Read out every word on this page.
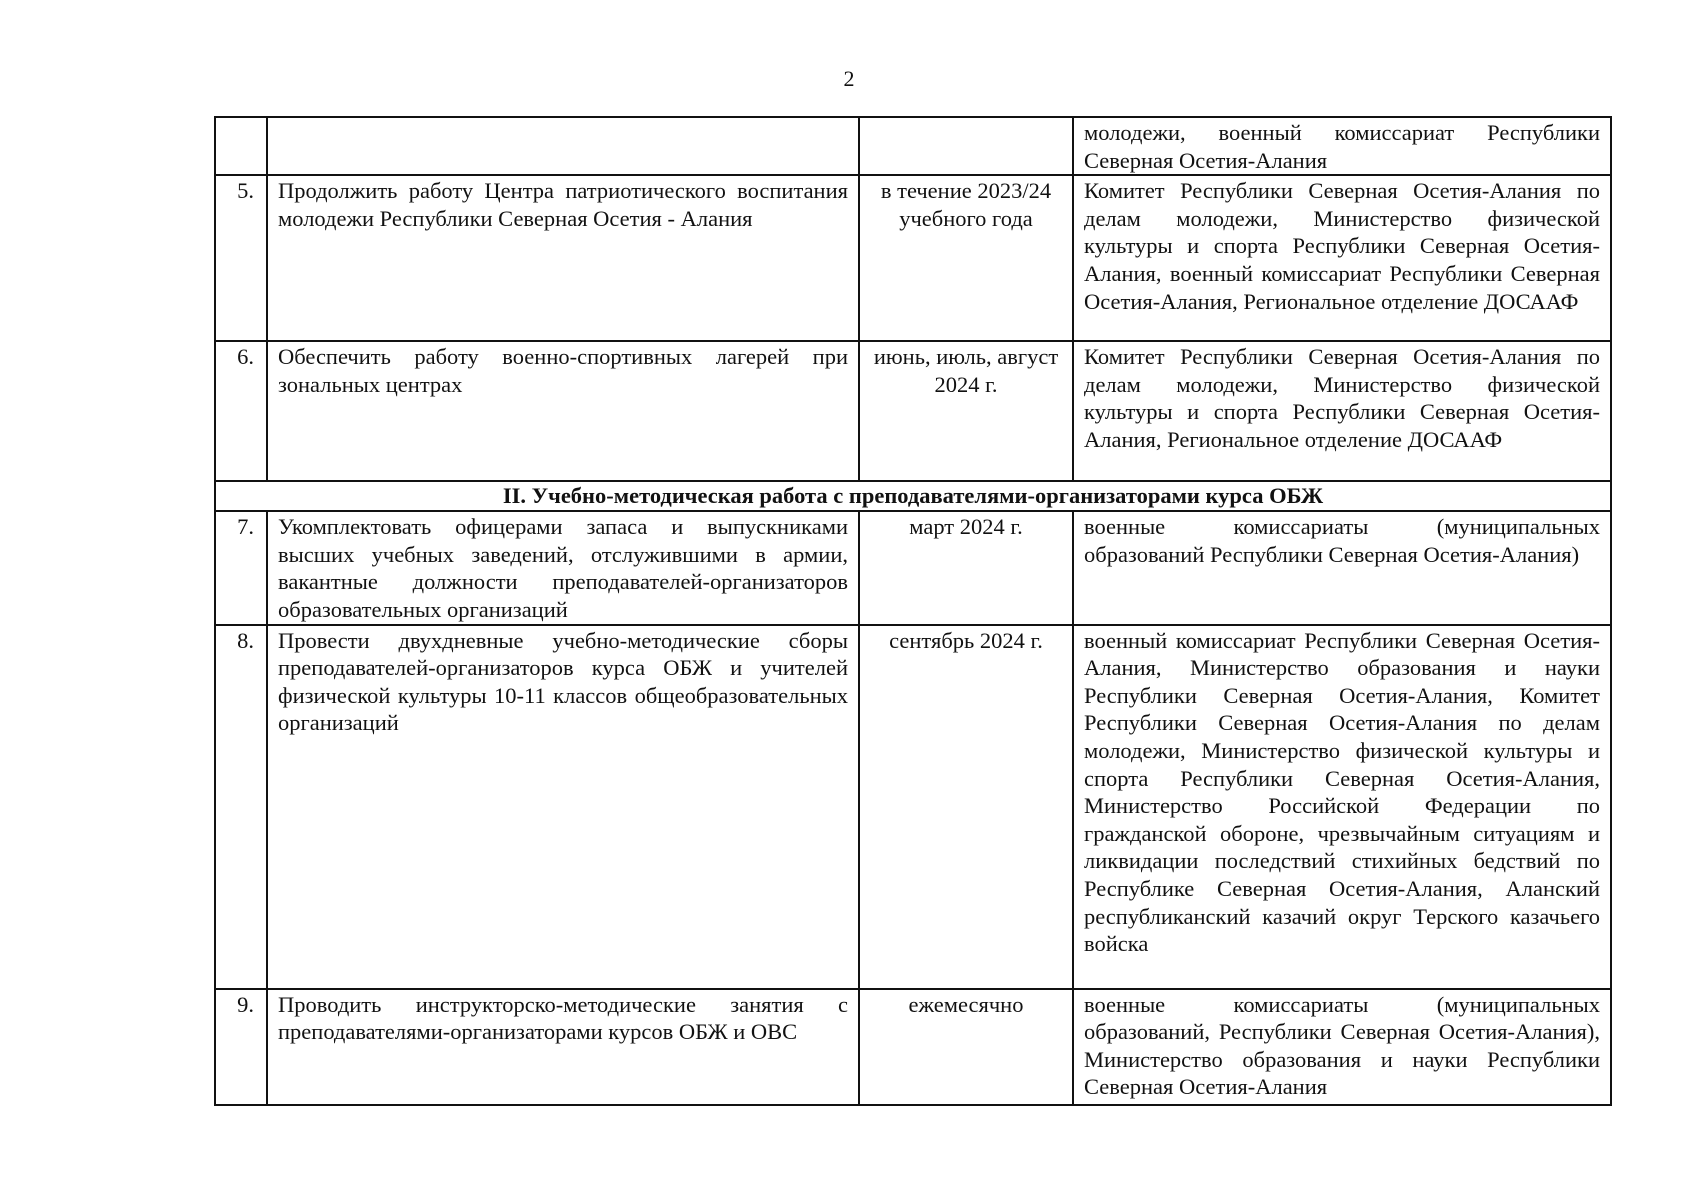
2
			молодежи, военный комиссариат Республики Северная Осетия-Алания
5.	Продолжить работу Центра патриотического воспитания молодежи Республики Северная Осетия - Алания	в течение 2023/24 учебного года	Комитет Республики Северная Осетия-Алания по делам молодежи, Министерство физической культуры и спорта Республики Северная Осетия-Алания, военный комиссариат Республики Северная Осетия-Алания, Региональное отделение ДОСААФ
6.	Обеспечить работу военно-спортивных лагерей при зональных центрах	июнь, июль, август 2024 г.	Комитет Республики Северная Осетия-Алания по делам молодежи, Министерство физической культуры и спорта Республики Северная Осетия-Алания, Региональное отделение ДОСААФ
II. Учебно-методическая работа с преподавателями-организаторами курса ОБЖ			
7.	Укомплектовать офицерами запаса и выпускниками высших учебных заведений, отслужившими в армии, вакантные должности преподавателей-организаторов образовательных организаций	март 2024 г.	военные комиссариаты (муниципальных образований Республики Северная Осетия-Алания)
8.	Провести двухдневные учебно-методические сборы преподавателей-организаторов курса ОБЖ и учителей физической культуры 10-11 классов общеобразовательных организаций	сентябрь 2024 г.	военный комиссариат Республики Северная Осетия-Алания, Министерство образования и науки Республики Северная Осетия-Алания, Комитет Республики Северная Осетия-Алания по делам молодежи, Министерство физической культуры и спорта Республики Северная Осетия-Алания, Министерство Российской Федерации по гражданской обороне, чрезвычайным ситуациям и ликвидации последствий стихийных бедствий по Республике Северная Осетия-Алания, Аланский республиканский казачий округ Терского казачьего войска
9.	Проводить инструкторско-методические занятия с преподавателями-организаторами курсов ОБЖ и ОВС	ежемесячно	военные комиссариаты (муниципальных образований, Республики Северная Осетия-Алания), Министерство образования и науки Республики Северная Осетия-Алания
